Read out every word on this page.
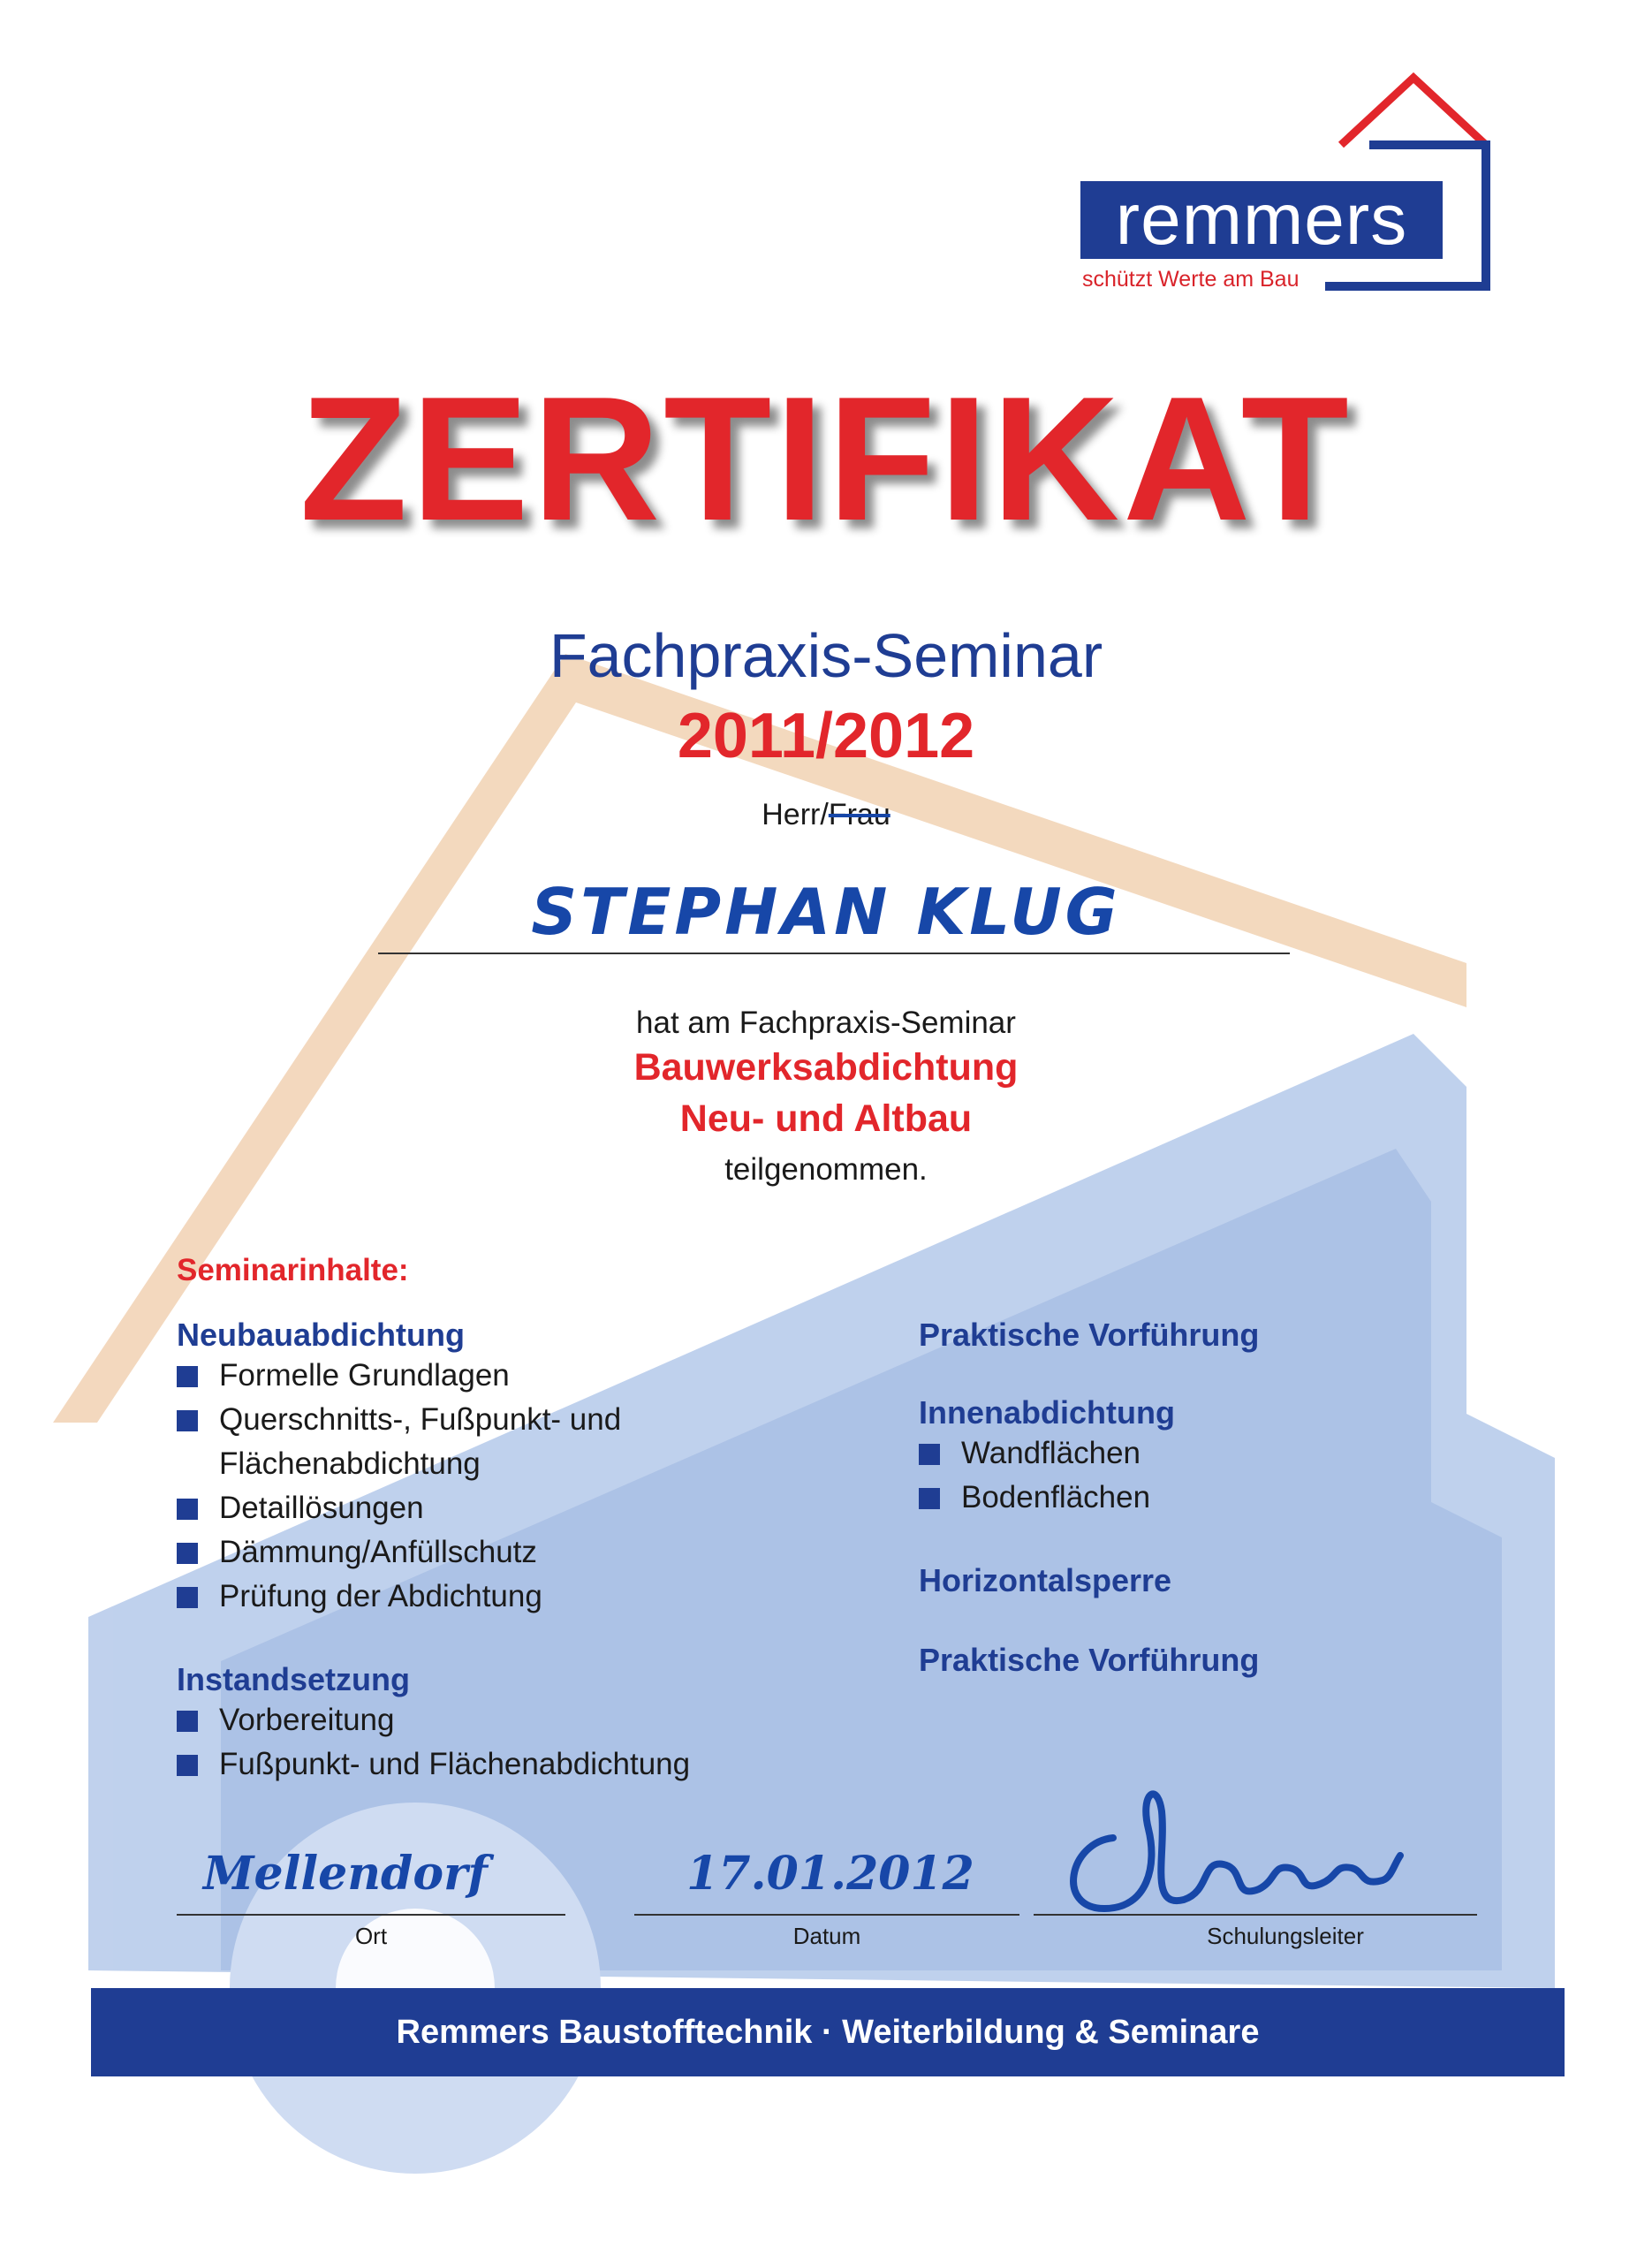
remmers
schützt Werte am Bau
ZERTIFIKAT
Fachpraxis-Seminar
2011/2012
Herr/Frau
STEPHAN KLUG
hat am Fachpraxis-Seminar
Bauwerksabdichtung
Neu- und Altbau
teilgenommen.
Seminarinhalte:
Neubauabdichtung
Formelle Grundlagen
Querschnitts-, Fußpunkt- und Flächenabdichtung
Detaillösungen
Dämmung/Anfüllschutz
Prüfung der Abdichtung
Instandsetzung
Vorbereitung
Fußpunkt- und Flächenabdichtung
Praktische Vorführung
Innenabdichtung
Wandflächen
Bodenflächen
Horizontalsperre
Praktische Vorführung
Mellendorf
Ort
17.01.2012
Datum	Schulungsleiter
Remmers Baustofftechnik · Weiterbildung & Seminare
